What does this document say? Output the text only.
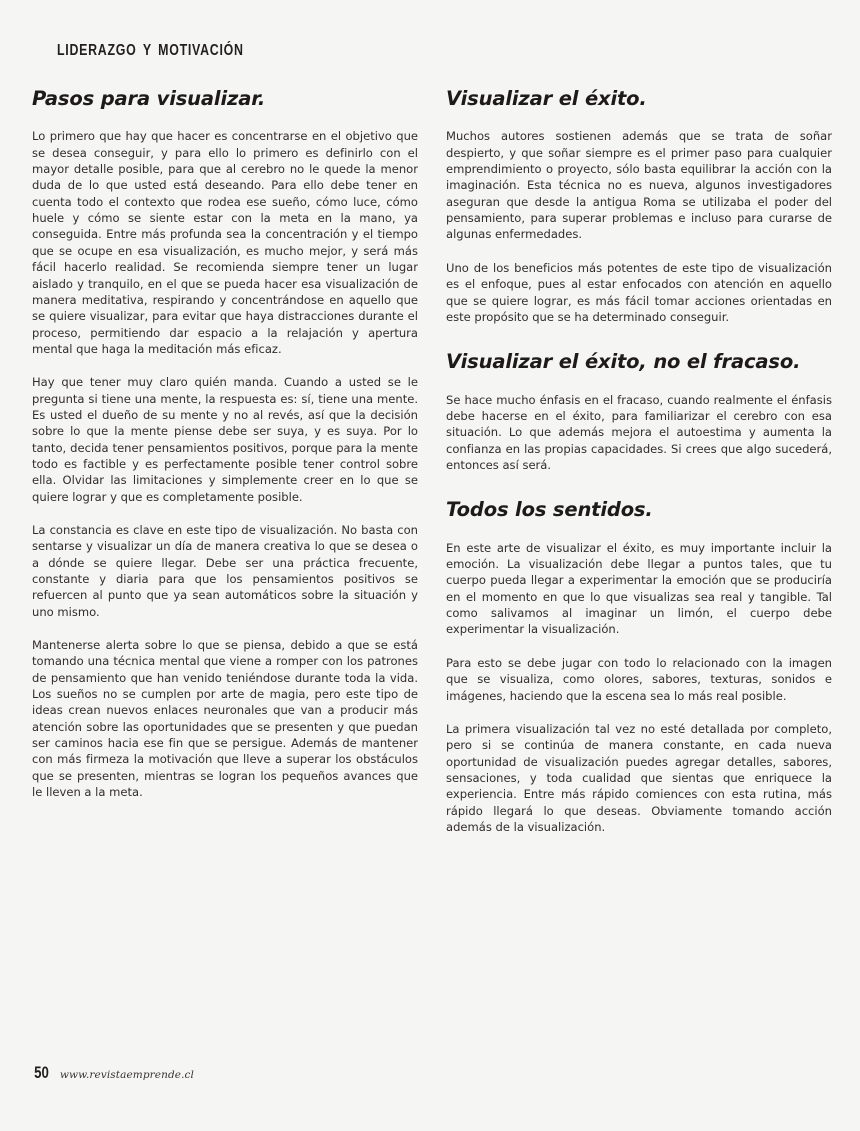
LIDERAZGO Y MOTIVACIÓN
Pasos para visualizar.

Lo primero que hay que hacer es concentrarse en el objetivo que se desea conseguir, y para ello lo primero es definirlo con el mayor detalle posible, para que al cerebro no le quede la menor duda de lo que usted está deseando. Para ello debe tener en cuenta todo el contexto que rodea ese sueño, cómo luce, cómo huele y cómo se siente estar con la meta en la mano, ya conseguida. Entre más profunda sea la concentración y el tiempo que se ocupe en esa visualización, es mucho mejor, y será más fácil hacerlo realidad. Se recomienda siempre tener un lugar aislado y tranquilo, en el que se pueda hacer esa visualización de manera meditativa, respirando y concentrándose en aquello que se quiere visualizar, para evitar que haya distracciones durante el proceso, permitiendo dar espacio a la relajación y apertura mental que haga la meditación más eficaz.

Hay que tener muy claro quién manda. Cuando a usted se le pregunta si tiene una mente, la respuesta es: sí, tiene una mente. Es usted el dueño de su mente y no al revés, así que la decisión sobre lo que la mente piense debe ser suya, y es suya. Por lo tanto, decida tener pensamientos positivos, porque para la mente todo es factible y es perfectamente posible tener control sobre ella. Olvidar las limitaciones y simplemente creer en lo que se quiere lograr y que es completamente posible.

La constancia es clave en este tipo de visualización. No basta con sentarse y visualizar un día de manera creativa lo que se desea o a dónde se quiere llegar. Debe ser una práctica frecuente, constante y diaria para que los pensamientos positivos se refuercen al punto que ya sean automáticos sobre la situación y uno mismo.

Mantenerse alerta sobre lo que se piensa, debido a que se está tomando una técnica mental que viene a romper con los patrones de pensamiento que han venido teniéndose durante toda la vida. Los sueños no se cumplen por arte de magia, pero este tipo de ideas crean nuevos enlaces neuronales que van a producir más atención sobre las oportunidades que se presenten y que puedan ser caminos hacia ese fin que se persigue. Además de mantener con más firmeza la motivación que lleve a superar los obstáculos que se presenten, mientras se logran los pequeños avances que le lleven a la meta.

Visualizar el éxito.

Muchos autores sostienen además que se trata de soñar despierto, y que soñar siempre es el primer paso para cualquier emprendimiento o proyecto, sólo basta equilibrar la acción con la imaginación. Esta técnica no es nueva, algunos investigadores aseguran que desde la antigua Roma se utilizaba el poder del pensamiento, para superar problemas e incluso para curarse de algunas enfermedades.

Uno de los beneficios más potentes de este tipo de visualización es el enfoque, pues al estar enfocados con atención en aquello que se quiere lograr, es más fácil tomar acciones orientadas en este propósito que se ha determinado conseguir.

Visualizar el éxito, no el fracaso.

Se hace mucho énfasis en el fracaso, cuando realmente el énfasis debe hacerse en el éxito, para familiarizar el cerebro con esa situación. Lo que además mejora el autoestima y aumenta la confianza en las propias capacidades. Si crees que algo sucederá, entonces así será.

Todos los sentidos.

En este arte de visualizar el éxito, es muy importante incluir la emoción. La visualización debe llegar a puntos tales, que tu cuerpo pueda llegar a experimentar la emoción que se produciría en el momento en que lo que visualizas sea real y tangible. Tal como salivamos al imaginar un limón, el cuerpo debe experimentar la visualización.

Para esto se debe jugar con todo lo relacionado con la imagen que se visualiza, como olores, sabores, texturas, sonidos e imágenes, haciendo que la escena sea lo más real posible.

La primera visualización tal vez no esté detallada por completo, pero si se continúa de manera constante, en cada nueva oportunidad de visualización puedes agregar detalles, sabores, sensaciones, y toda cualidad que sientas que enriquece la experiencia. Entre más rápido comiences con esta rutina, más rápido llegará lo que deseas. Obviamente tomando acción además de la visualización.

50 www.revistaemprende.cl
